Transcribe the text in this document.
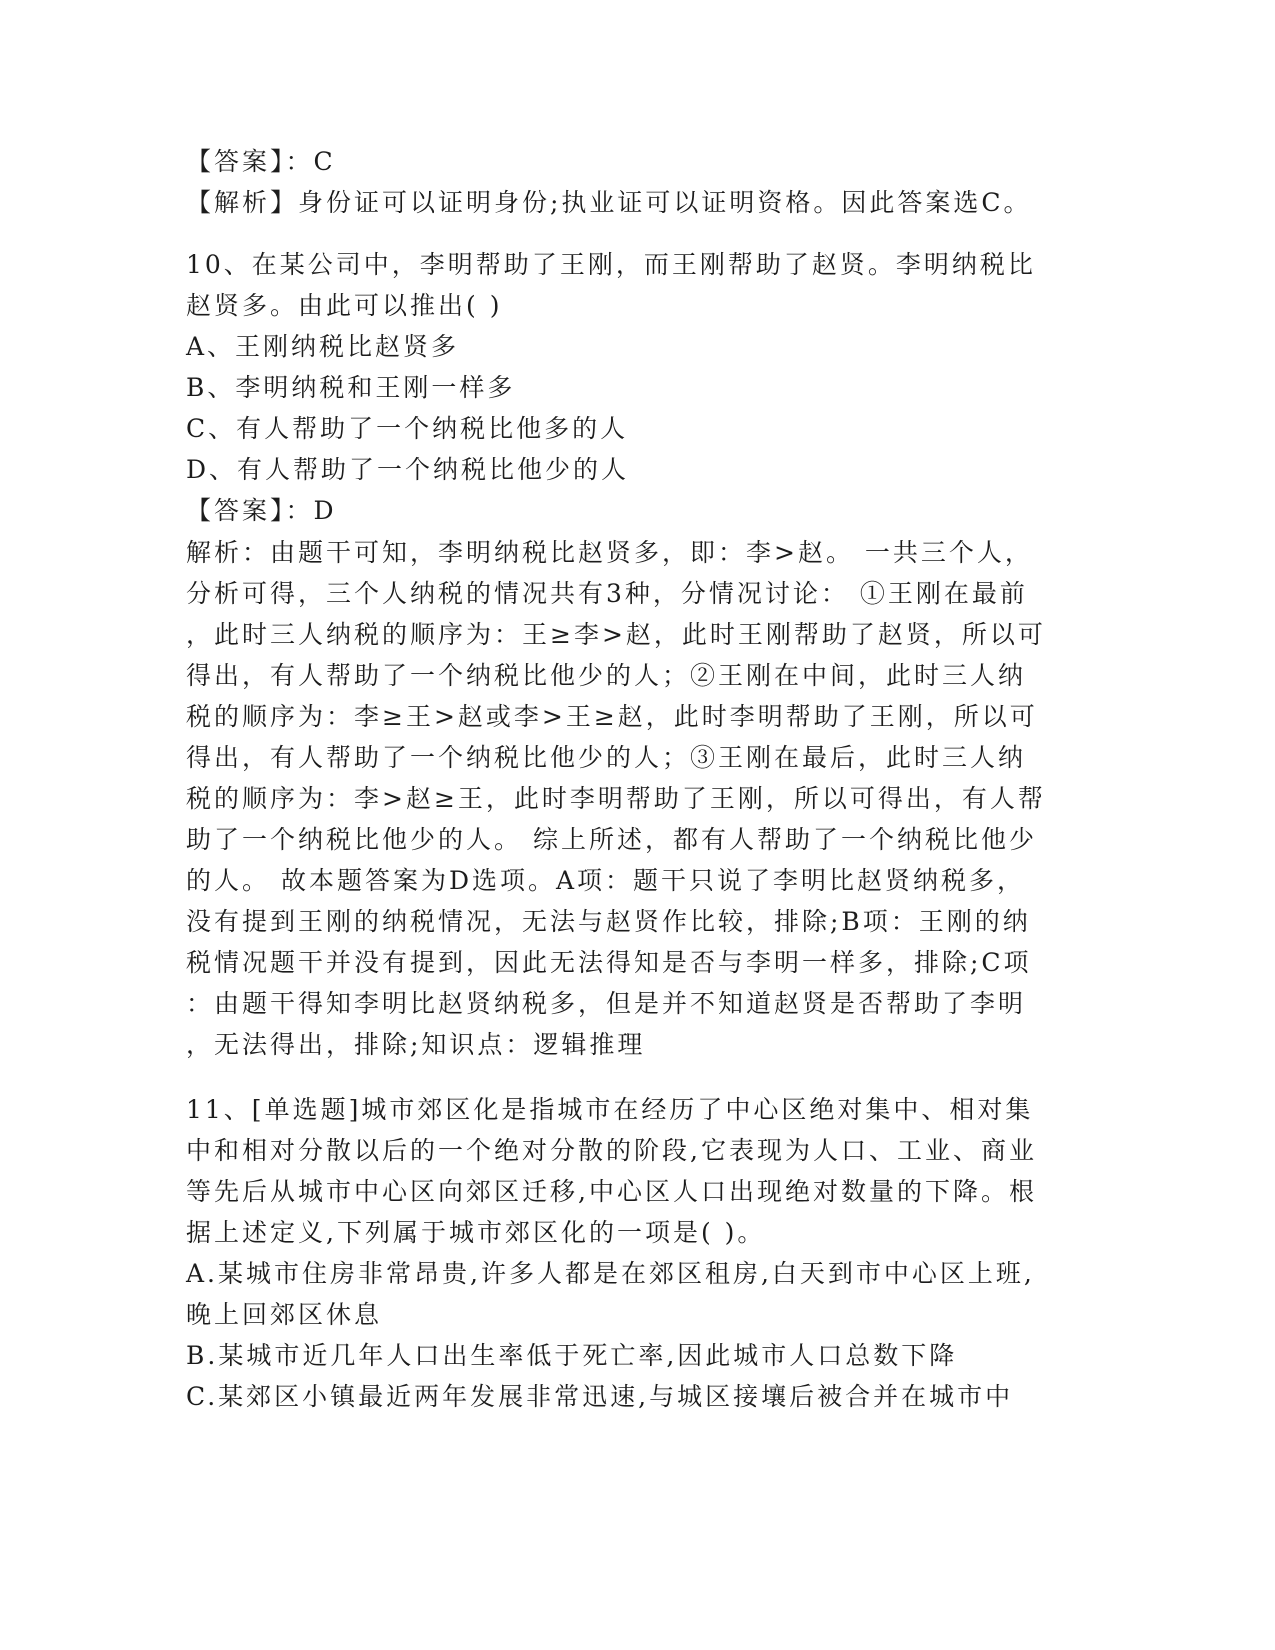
【答案】：C
【解析】身份证可以证明身份;执业证可以证明资格。因此答案选C。
10、在某公司中，李明帮助了王刚，而王刚帮助了赵贤。李明纳税比
赵贤多。由此可以推出( )
A、王刚纳税比赵贤多
B、李明纳税和王刚一样多
C、有人帮助了一个纳税比他多的人
D、有人帮助了一个纳税比他少的人
【答案】：D
解析：由题干可知，李明纳税比赵贤多，即：李>赵。 一共三个人，
分析可得，三个人纳税的情况共有3种，分情况讨论： ①王刚在最前
，此时三人纳税的顺序为：王≥李>赵，此时王刚帮助了赵贤，所以可
得出，有人帮助了一个纳税比他少的人；②王刚在中间，此时三人纳
税的顺序为：李≥王>赵或李>王≥赵，此时李明帮助了王刚，所以可
得出，有人帮助了一个纳税比他少的人；③王刚在最后，此时三人纳
税的顺序为：李>赵≥王，此时李明帮助了王刚，所以可得出，有人帮
助了一个纳税比他少的人。 综上所述，都有人帮助了一个纳税比他少
的人。 故本题答案为D选项。A项：题干只说了李明比赵贤纳税多，
没有提到王刚的纳税情况，无法与赵贤作比较，排除;B项：王刚的纳
税情况题干并没有提到，因此无法得知是否与李明一样多，排除;C项
：由题干得知李明比赵贤纳税多，但是并不知道赵贤是否帮助了李明
，无法得出，排除;知识点：逻辑推理
11、[单选题]城市郊区化是指城市在经历了中心区绝对集中、相对集
中和相对分散以后的一个绝对分散的阶段,它表现为人口、工业、商业
等先后从城市中心区向郊区迁移,中心区人口出现绝对数量的下降。根
据上述定义,下列属于城市郊区化的一项是( )。
A.某城市住房非常昂贵,许多人都是在郊区租房,白天到市中心区上班,
晚上回郊区休息
B.某城市近几年人口出生率低于死亡率,因此城市人口总数下降
C.某郊区小镇最近两年发展非常迅速,与城区接壤后被合并在城市中
